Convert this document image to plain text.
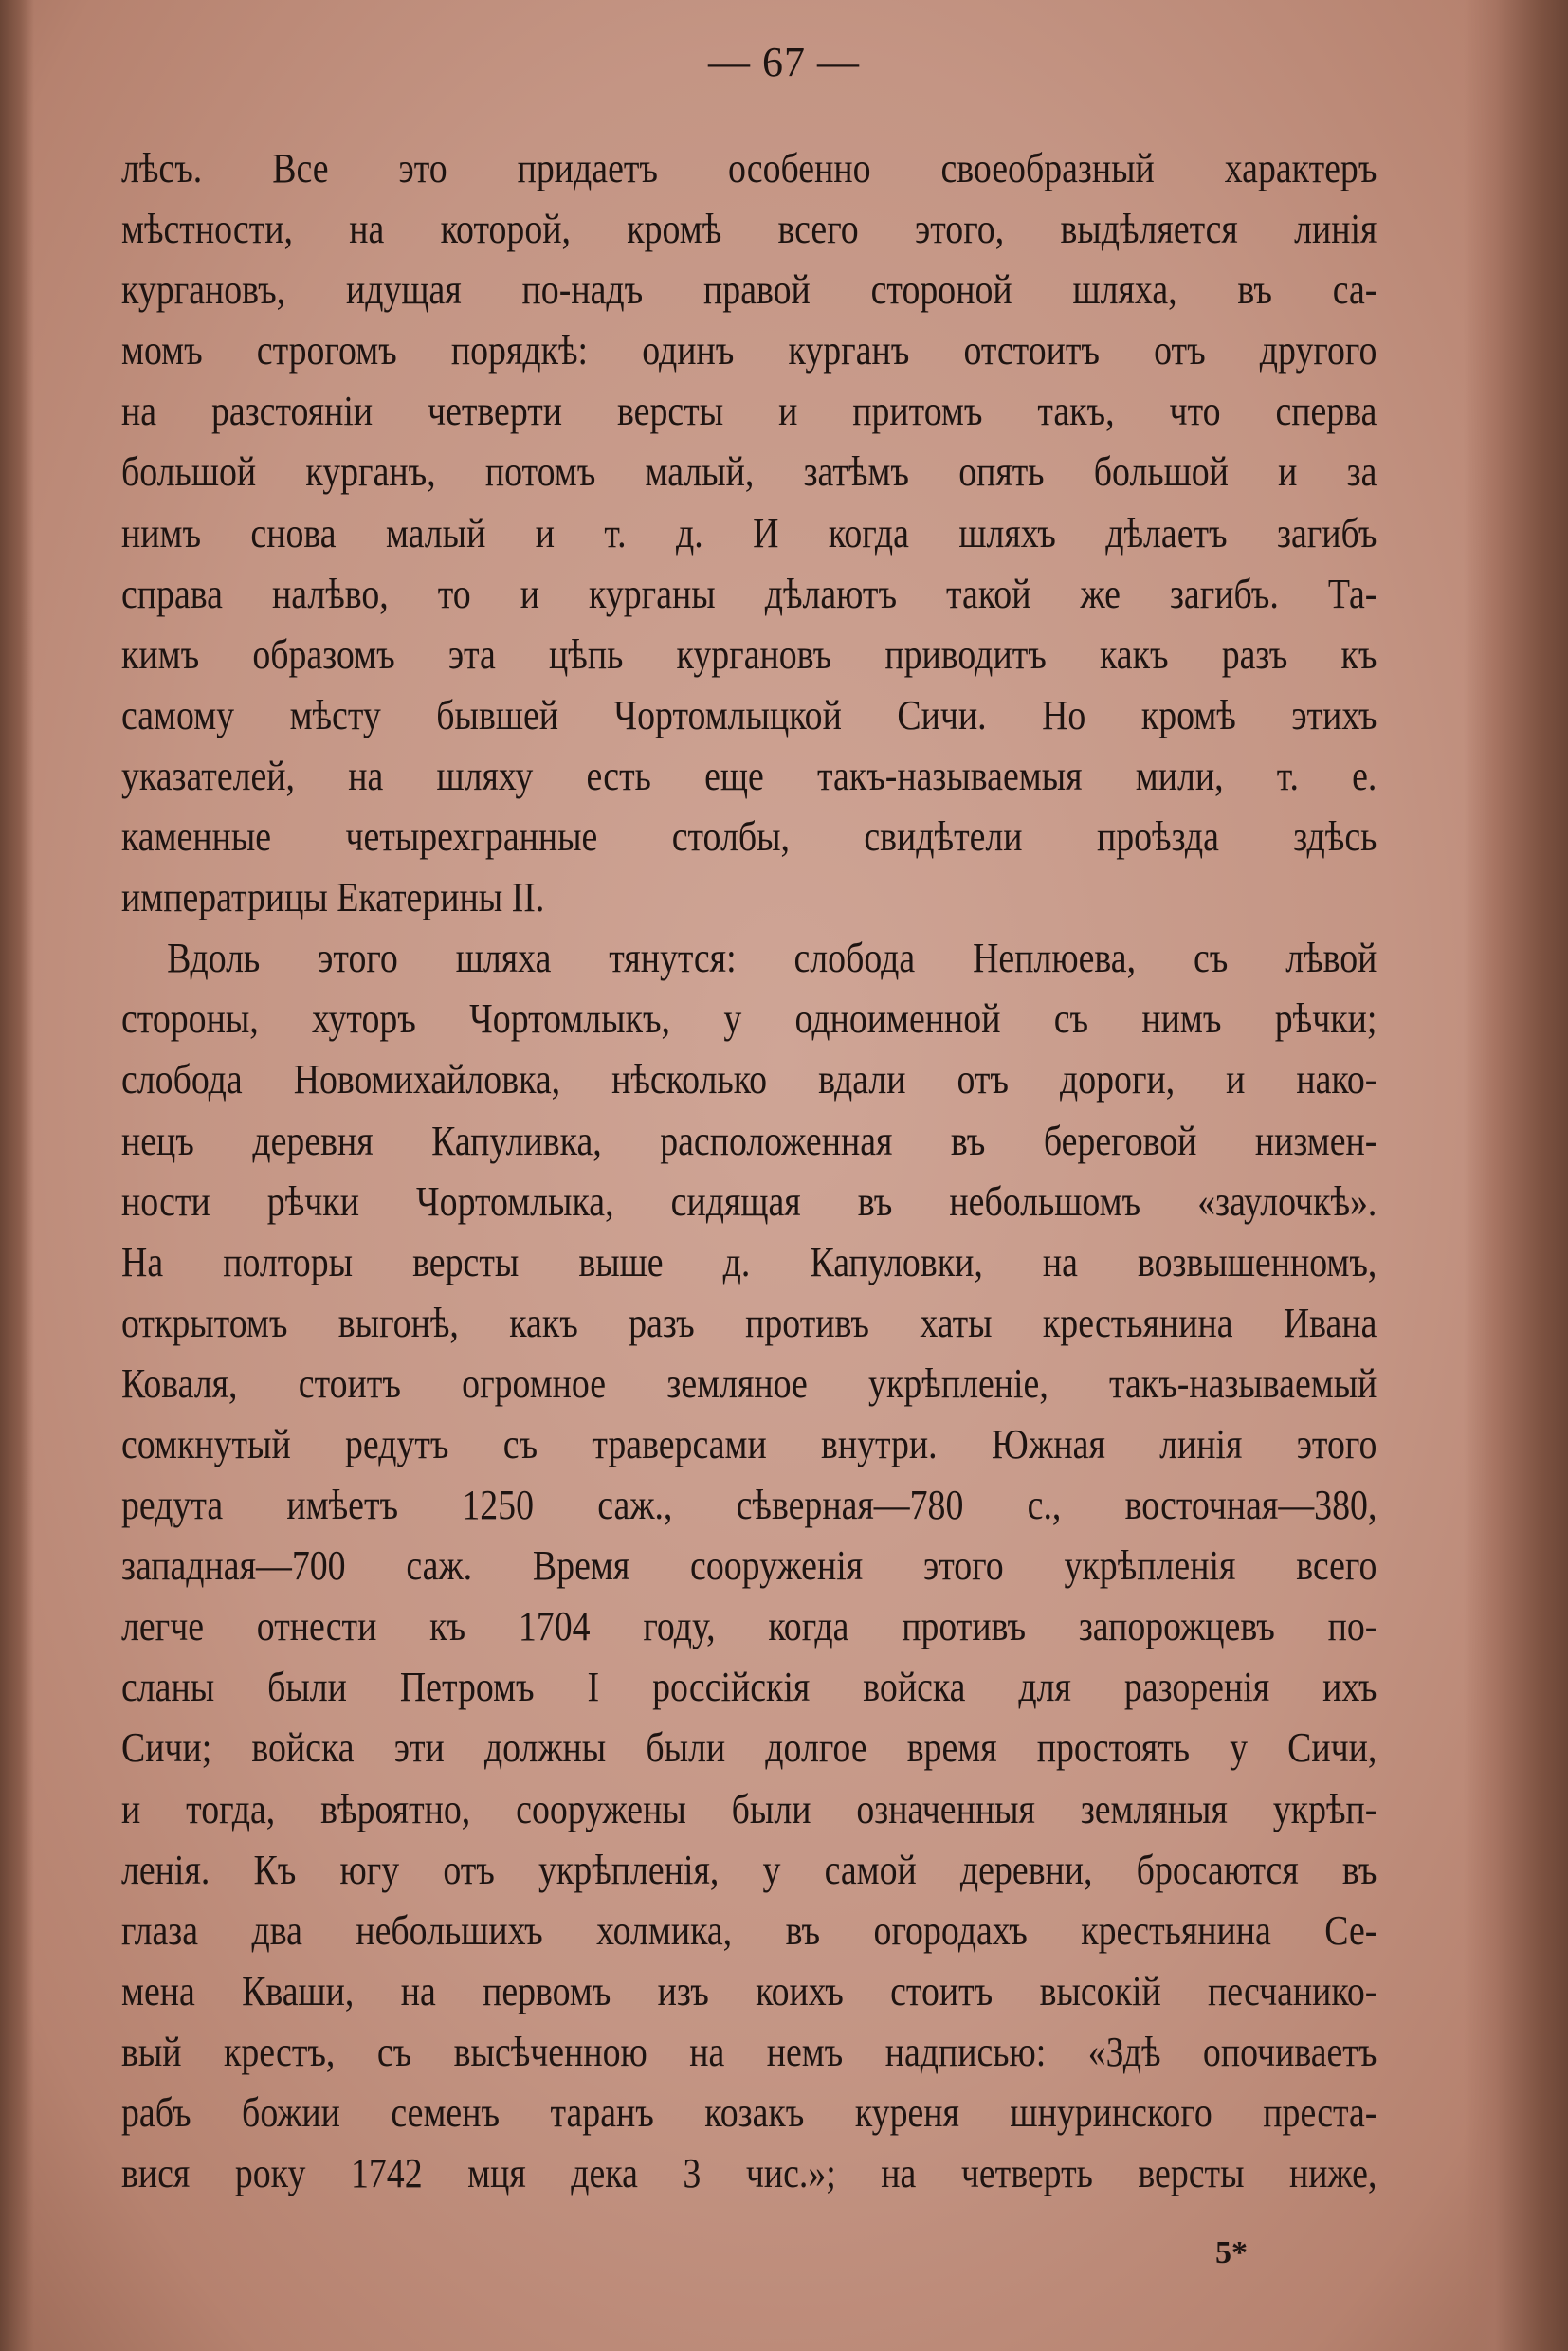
— 67 —
лѣсъ. Все это придаетъ особенно своеобразный характеръ
мѣстности, на которой, кромѣ всего этого, выдѣляется линія
кургановъ, идущая по-надъ правой стороной шляха, въ са-
момъ строгомъ порядкѣ: одинъ курганъ отстоитъ отъ другого
на разстояніи четверти версты и притомъ такъ, что сперва
большой курганъ, потомъ малый, затѣмъ опять большой и за
нимъ снова малый и т. д. И когда шляхъ дѣлаетъ загибъ
справа налѣво, то и курганы дѣлаютъ такой же загибъ. Та-
кимъ образомъ эта цѣпь кургановъ приводитъ какъ разъ къ
самому мѣсту бывшей Чортомлыцкой Сичи. Но кромѣ этихъ
указателей, на шляху есть еще такъ-называемыя мили, т. е.
каменные четырехгранные столбы, свидѣтели проѣзда здѣсь
императрицы Екатерины II.
Вдоль этого шляха тянутся: слобода Неплюева, съ лѣвой
стороны, хуторъ Чортомлыкъ, у одноименной съ нимъ рѣчки;
слобода Новомихайловка, нѣсколько вдали отъ дороги, и нако-
нецъ деревня Капуливка, расположенная въ береговой низмен-
ности рѣчки Чортомлыка, сидящая въ небольшомъ «заулочкѣ».
На полторы версты выше д. Капуловки, на возвышенномъ,
открытомъ выгонѣ, какъ разъ противъ хаты крестьянина Ивана
Коваля, стоитъ огромное земляное укрѣпленіе, такъ-называемый
сомкнутый редутъ съ траверсами внутри. Южная линія этого
редута имѣетъ 1250 саж., сѣверная—780 с., восточная—380,
западная—700 саж. Время сооруженія этого укрѣпленія всего
легче отнести къ 1704 году, когда противъ запорожцевъ по-
сланы были Петромъ I россійскія войска для разоренія ихъ
Сичи; войска эти должны были долгое время простоять у Сичи,
и тогда, вѣроятно, сооружены были означенныя земляныя укрѣп-
ленія. Къ югу отъ укрѣпленія, у самой деревни, бросаются въ
глаза два небольшихъ холмика, въ огородахъ крестьянина Се-
мена Кваши, на первомъ изъ коихъ стоитъ высокій песчанико-
вый крестъ, съ высѣченною на немъ надписью: «Здѣ опочиваетъ
рабъ божии семенъ таранъ козакъ куреня шнуринского преста-
вися року 1742 мця дека 3 чис.»; на четверть версты ниже,
5*
